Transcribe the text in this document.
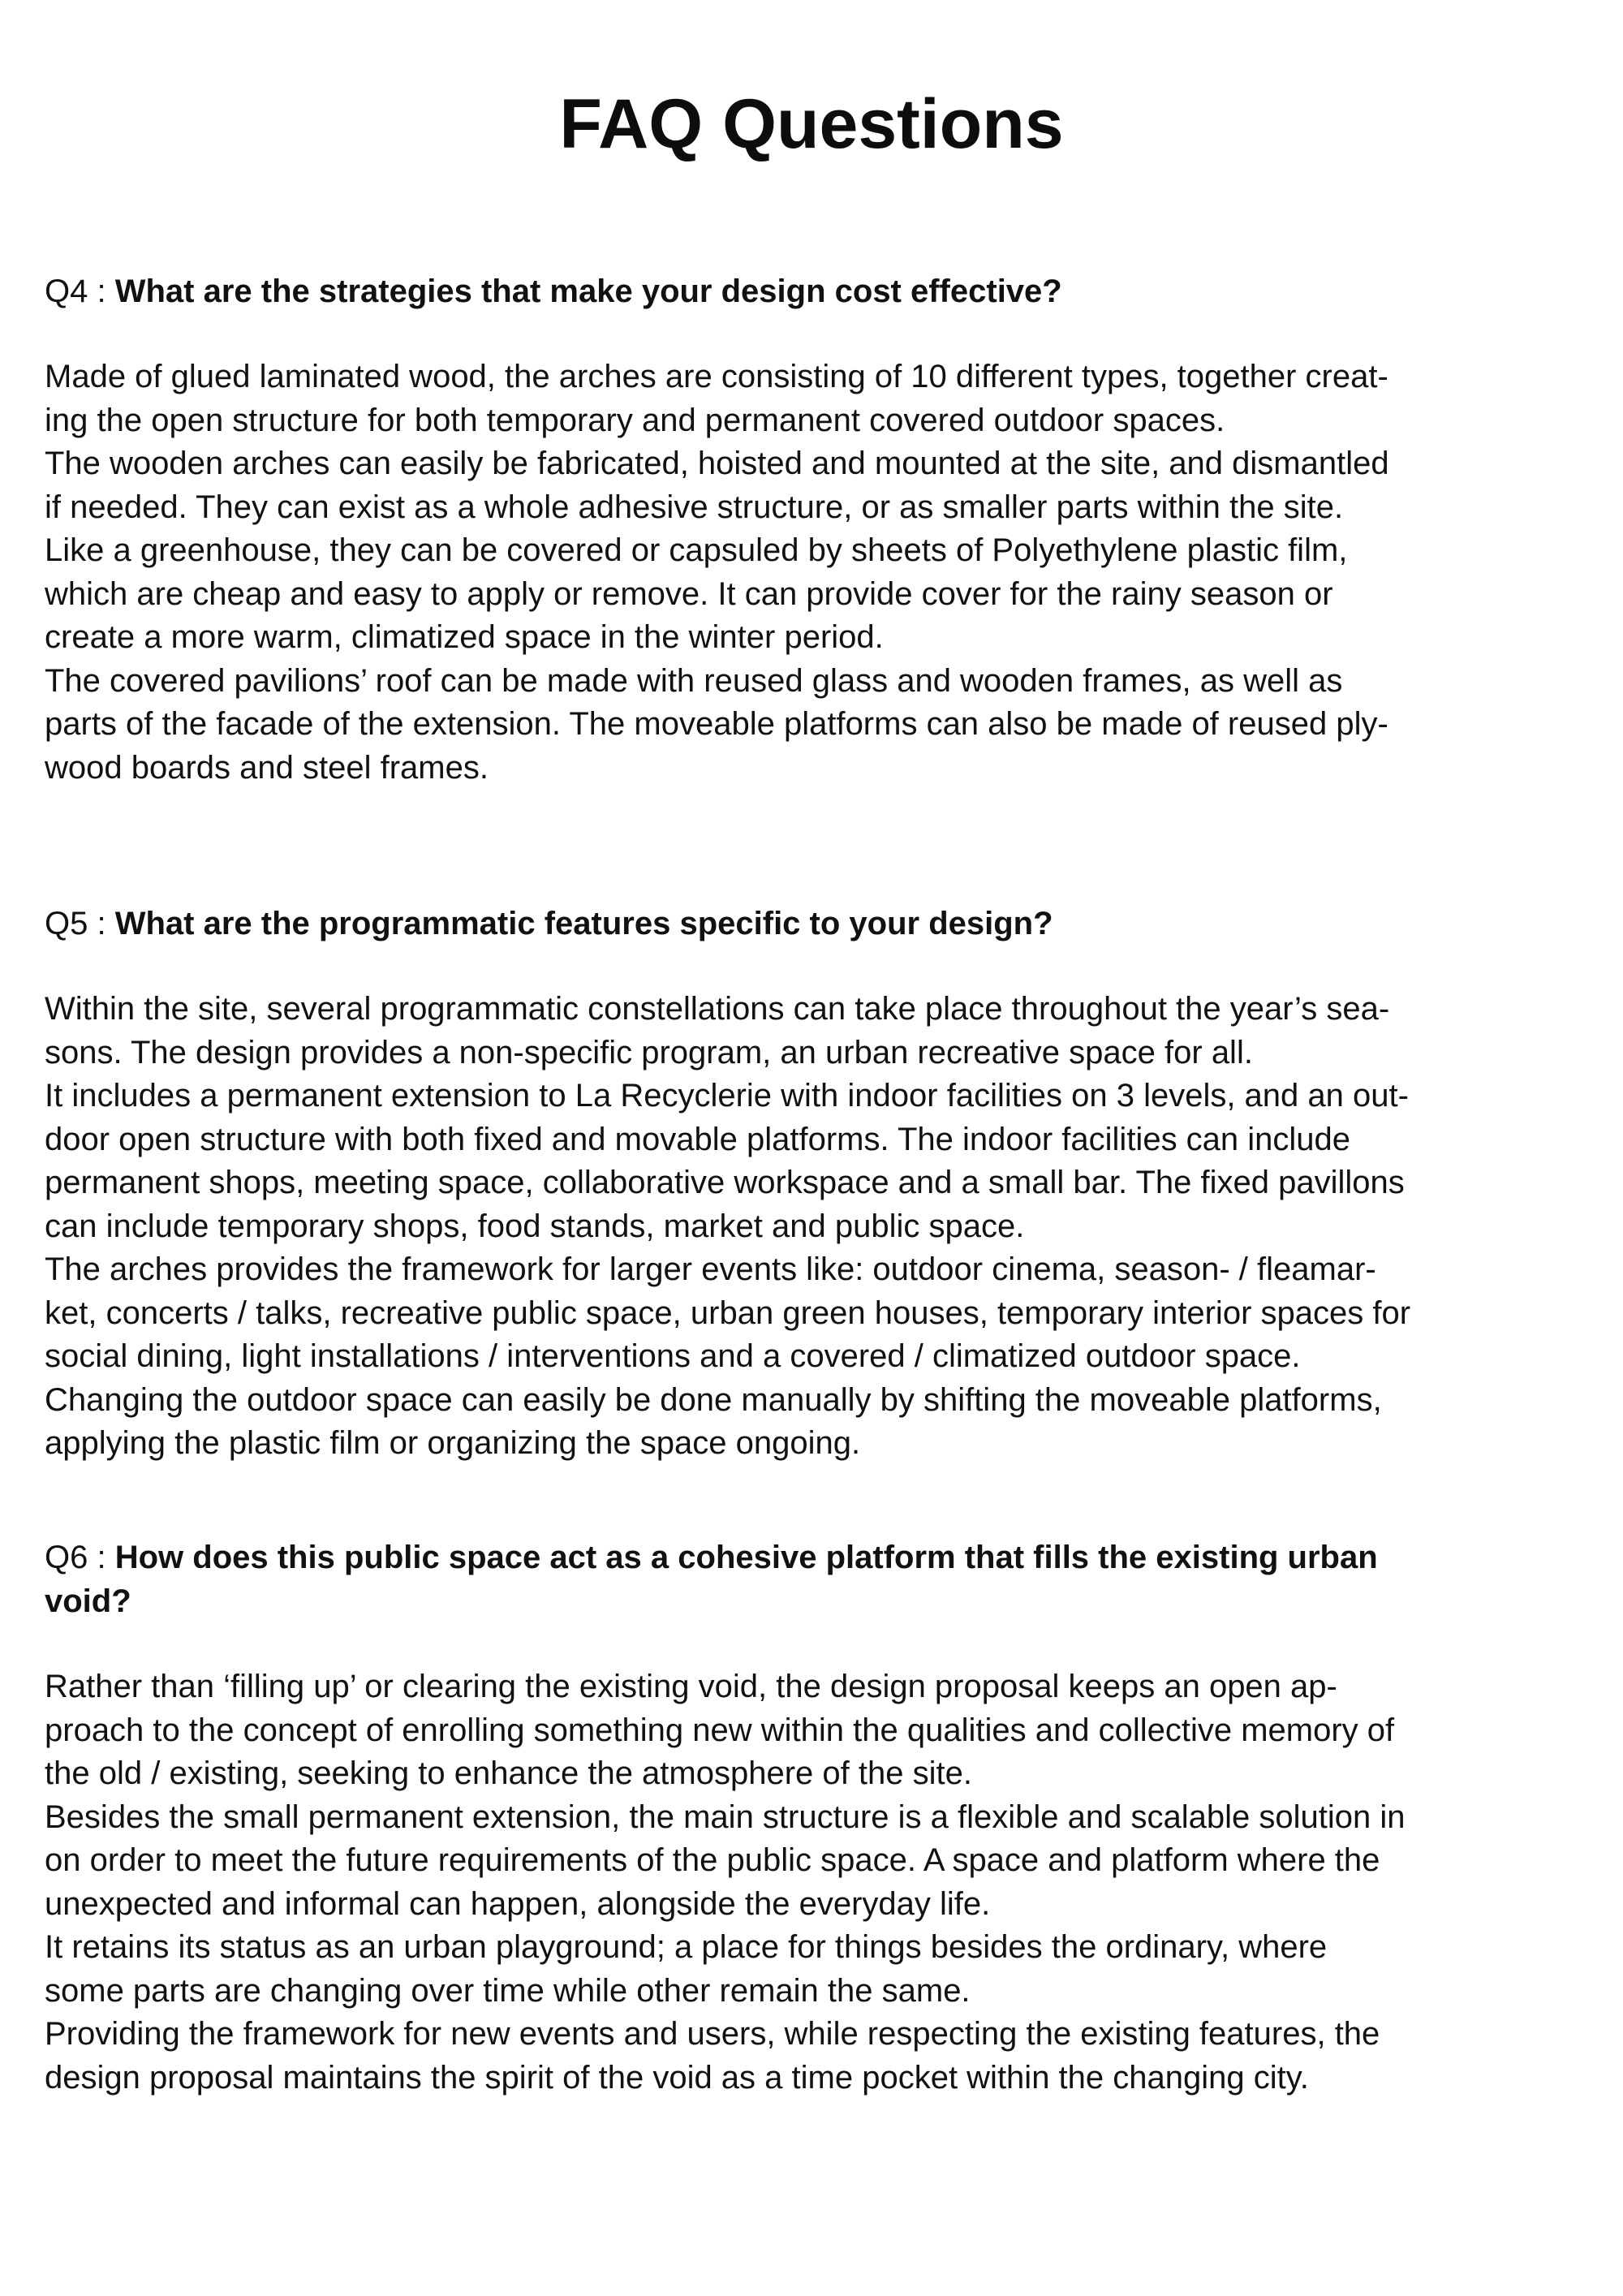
FAQ Questions

Q4 : What are the strategies that make your design cost effective?

Made of glued laminated wood, the arches are consisting of 10 different types, together creat-
ing the open structure for both temporary and permanent covered outdoor spaces.

The wooden arches can easily be fabricated, hoisted and mounted at the site, and dismantled
if needed. They can exist as a whole adhesive structure, or as smaller parts within the site.

Like a greenhouse, they can be covered or capsuled by sheets of Polyethylene plastic film,
which are cheap and easy to apply or remove. It can provide cover for the rainy season or
create a more warm, climatized space in the winter period.

The covered pavilions’ roof can be made with reused glass and wooden frames, as well as
parts of the facade of the extension. The moveable platforms can also be made of reused ply-
wood boards and steel frames.

Q5 : What are the programmatic features specific to your design?

Within the site, several programmatic constellations can take place throughout the year’s sea-
sons. The design provides a non-specific program, an urban recreative space for all.

It includes a permanent extension to La Recyclerie with indoor facilities on 3 levels, and an out-
door open structure with both fixed and movable platforms. The indoor facilities can include
permanent shops, meeting space, collaborative workspace and a small bar. The fixed pavillons
can include temporary shops, food stands, market and public space.

The arches provides the framework for larger events like: outdoor cinema, season- / fleamar-
ket, concerts / talks, recreative public space, urban green houses, temporary interior spaces for
social dining, light installations / interventions and a covered / climatized outdoor space.

Changing the outdoor space can easily be done manually by shifting the moveable platforms,
applying the plastic film or organizing the space ongoing.

Q6 : How does this public space act as a cohesive platform that fills the existing urban
void?

Rather than ‘filling up’ or clearing the existing void, the design proposal keeps an open ap-
proach to the concept of enrolling something new within the qualities and collective memory of
the old / existing, seeking to enhance the atmosphere of the site.

Besides the small permanent extension, the main structure is a flexible and scalable solution in
on order to meet the future requirements of the public space. A space and platform where the
unexpected and informal can happen, alongside the everyday life.

It retains its status as an urban playground; a place for things besides the ordinary, where
some parts are changing over time while other remain the same.

Providing the framework for new events and users, while respecting the existing features, the
design proposal maintains the spirit of the void as a time pocket within the changing city.
